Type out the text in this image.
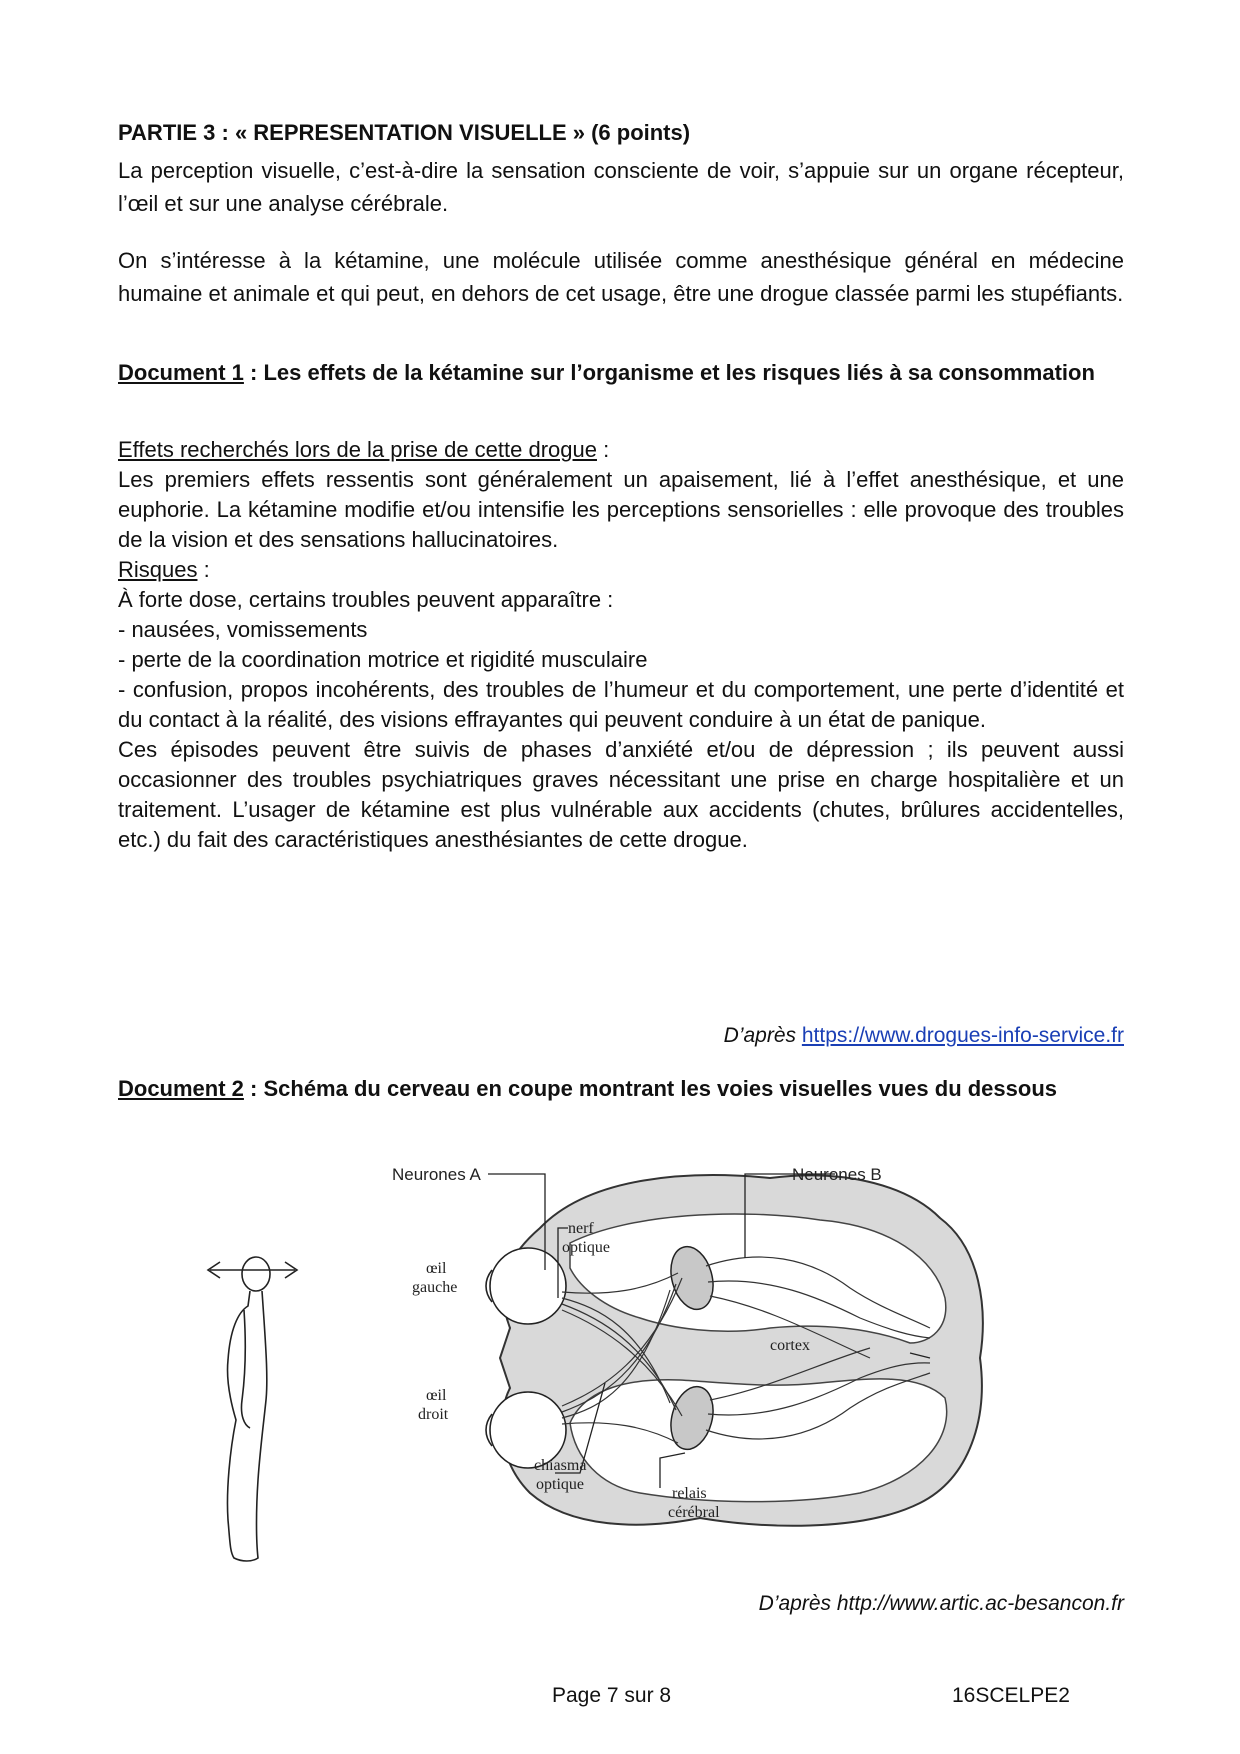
PARTIE 3 : « REPRESENTATION VISUELLE » (6 points)
La perception visuelle, c’est-à-dire la sensation consciente de voir, s’appuie sur un organe récepteur, l’œil et sur une analyse cérébrale.
On s’intéresse à la kétamine, une molécule utilisée comme anesthésique général en médecine humaine et animale et qui peut, en dehors de cet usage, être une drogue classée parmi les stupéfiants.
Document 1 : Les effets de la kétamine sur l’organisme et les risques liés à sa consommation
Effets recherchés lors de la prise de cette drogue :
Les premiers effets ressentis sont généralement un apaisement, lié à l’effet anesthésique, et une euphorie. La kétamine modifie et/ou intensifie les perceptions sensorielles : elle provoque des troubles de la vision et des sensations hallucinatoires.
Risques :
À forte dose, certains troubles peuvent apparaître :
- nausées, vomissements
- perte de la coordination motrice et rigidité musculaire
- confusion, propos incohérents, des troubles de l’humeur et du comportement, une perte d’identité et du contact à la réalité, des visions effrayantes qui peuvent conduire à un état de panique.
Ces épisodes peuvent être suivis de phases d’anxiété et/ou de dépression ; ils peuvent aussi occasionner des troubles psychiatriques graves nécessitant une prise en charge hospitalière et un traitement. L’usager de kétamine est plus vulnérable aux accidents (chutes, brûlures accidentelles, etc.) du fait des caractéristiques anesthésiantes de cette drogue.
D’après https://www.drogues-info-service.fr
Document 2 : Schéma du cerveau en coupe montrant les voies visuelles vues du dessous
Neurones A	Neurones B
nerf
optique
œil
gauche
œil
droit
cortex
chiasma
optique
relais
cérébral
D’après http://www.artic.ac-besancon.fr
Page 7 sur 8	16SCELPE2
